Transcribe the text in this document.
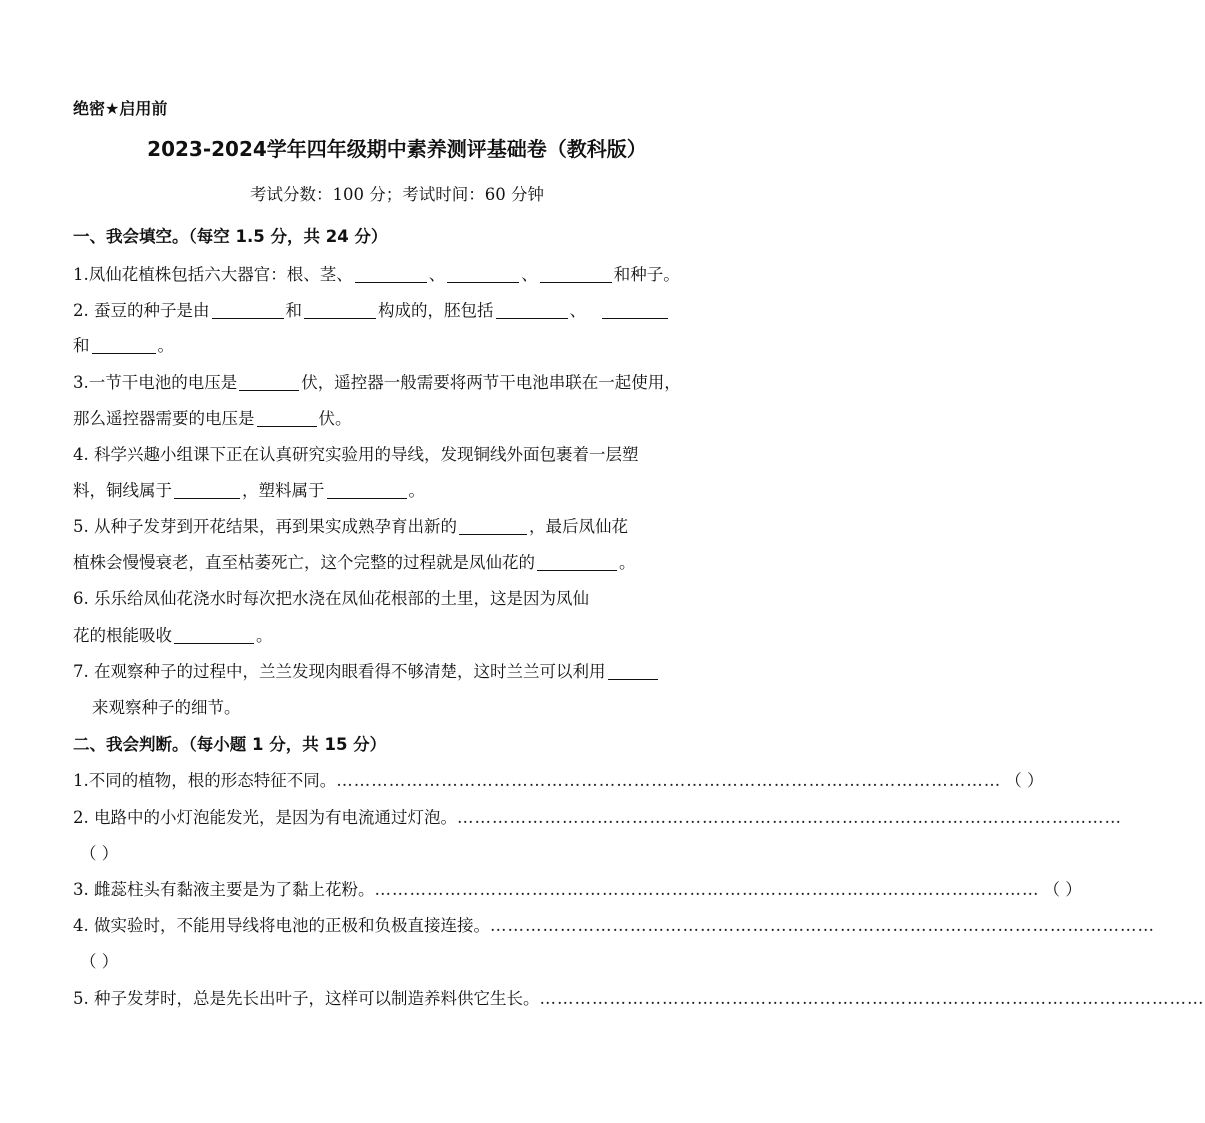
绝密★启用前
2023-2024学年四年级期中素养测评基础卷（教科版）
考试分数：100 分；考试时间：60 分钟
一、我会填空。（每空 1.5 分，共 24 分）
1.凤仙花植株包括六大器官：根、茎、	、	、	和种子。
2. 蚕豆的种子是由	和	构成的，胚包括	、
和	。
3.一节干电池的电压是	伏，遥控器一般需要将两节干电池串联在一起使用，
那么遥控器需要的电压是	伏。
4. 科学兴趣小组课下正在认真研究实验用的导线，发现铜线外面包裹着一层塑
料，铜线属于	，塑料属于	。
5. 从种子发芽到开花结果，再到果实成熟孕育出新的	，最后凤仙花
植株会慢慢衰老，直至枯萎死亡，这个完整的过程就是凤仙花的	。
6. 乐乐给凤仙花浇水时每次把水浇在凤仙花根部的土里，这是因为凤仙
花的根能吸收	。
7. 在观察种子的过程中，兰兰发现肉眼看得不够清楚，这时兰兰可以利用
来观察种子的细节。
二、我会判断。（每小题 1 分，共 15 分）
1.不同的植物，根的形态特征不同。 …………………………………………………………………………………………………… （ ）
2. 电路中的小灯泡能发光，是因为有电流通过灯泡。 ……………………………………………………………………………………………………
（ ）
3. 雌蕊柱头有黏液主要是为了黏上花粉。 …………………………………………………………………………………………………… （ ）
4. 做实验时，不能用导线将电池的正极和负极直接连接。 ……………………………………………………………………………………………………
（ ）
5. 种子发芽时，总是先长出叶子，这样可以制造养料供它生长。 ……………………………………………………………………………………………………
